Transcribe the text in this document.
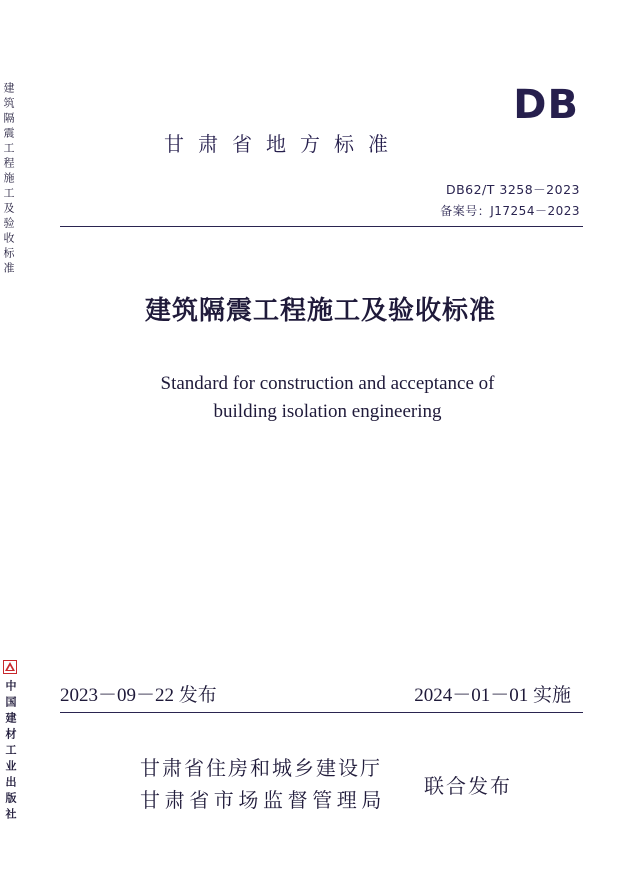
建筑隔震工程施工及验收标准
中国建材工业出版社
DB
甘肃省地方标准
DB62/T 3258－2023
备案号：J17254－2023
建筑隔震工程施工及验收标准
Standard for construction and acceptance of
building isolation engineering
2023－09－22 发布	2024－01－01 实施
甘肃省住房和城乡建设厅
甘肃省市场监督管理局
联合发布
